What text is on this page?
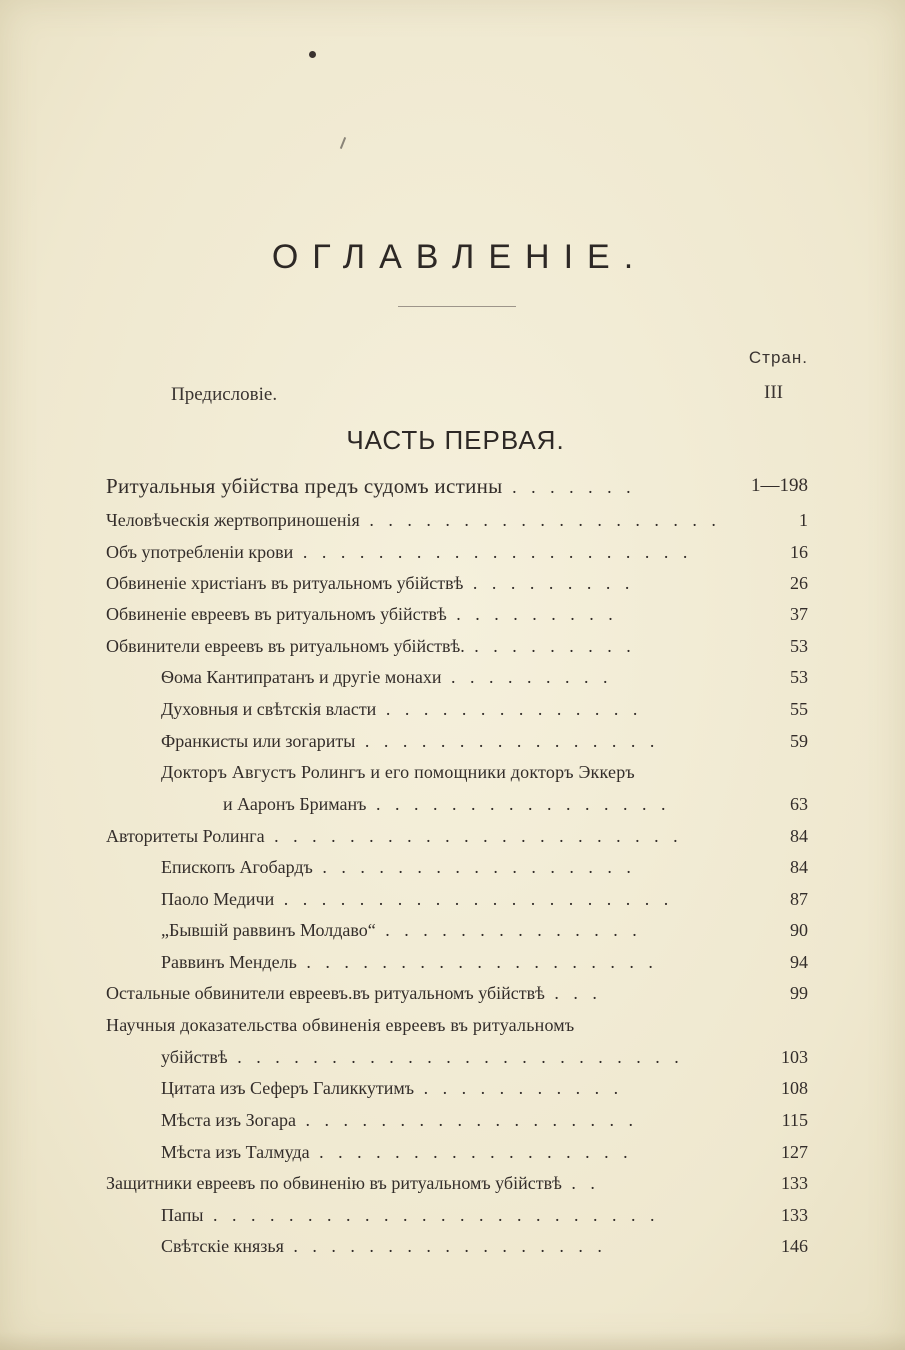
ОГЛАВЛЕНIЕ.
Стран.
Предисловіе.	III
ЧАСТЬ ПЕРВАЯ.
Ритуальныя убійства предъ судомъ истины . . . . . . .	1—198
Человѣческія жертвоприношенія . . . . . . . . . . . . . . . . . . .	1
Объ употребленіи крови . . . . . . . . . . . . . . . . . . . . .	16
Обвиненіе христіанъ въ ритуальномъ убійствѣ . . . . . . . . .	26
Обвиненіе евреевъ въ ритуальномъ убійствѣ . . . . . . . . .	37
Обвинители евреевъ въ ритуальномъ убійствѣ. . . . . . . . . .	53
Ѳома Кантипратанъ и другіе монахи . . . . . . . . .	53
Духовныя и свѣтскія власти . . . . . . . . . . . . . .	55
Франкисты или зогариты . . . . . . . . . . . . . . . .	59
Докторъ Августъ Ролингъ и его помощники докторъ Эккеръ
и Ааронъ Бриманъ . . . . . . . . . . . . . . . .	63
Авторитеты Ролинга . . . . . . . . . . . . . . . . . . . . . .	84
Епископъ Агобардъ . . . . . . . . . . . . . . . . .	84
Паоло Медичи . . . . . . . . . . . . . . . . . . . . .	87
„Бывшій раввинъ Молдаво“ . . . . . . . . . . . . . .	90
Раввинъ Мендель . . . . . . . . . . . . . . . . . . .	94
Остальные обвинители евреевъ.въ ритуальномъ убійствѣ . . .	99
Научныя доказательства обвиненія евреевъ въ ритуальномъ
убійствѣ . . . . . . . . . . . . . . . . . . . . . . . .	103
Цитата изъ Сеферъ Галиккутимъ . . . . . . . . . . .	108
Мѣста изъ Зогара . . . . . . . . . . . . . . . . . .	115
Мѣста изъ Талмуда . . . . . . . . . . . . . . . . .	127
Защитники евреевъ по обвиненію въ ритуальномъ убійствѣ . .	133
Папы . . . . . . . . . . . . . . . . . . . . . . . .	133
Свѣтскіе князья . . . . . . . . . . . . . . . . .	146
